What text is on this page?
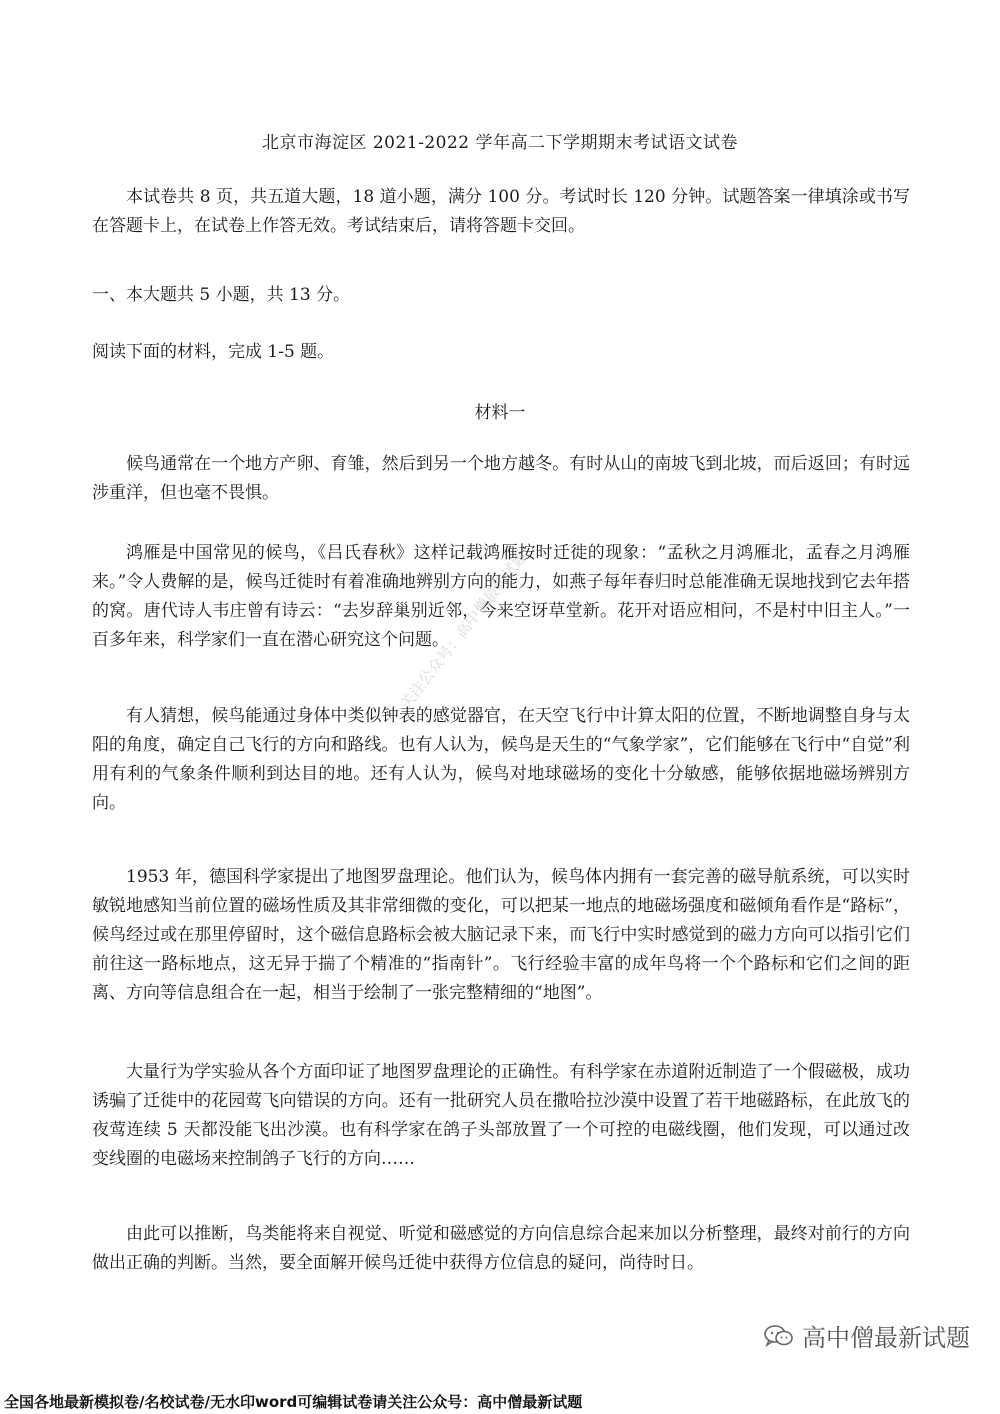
北京市海淀区 2021-2022 学年高二下学期期末考试语文试卷
本试卷共 8 页，共五道大题，18 道小题，满分 100 分。考试时长 120 分钟。试题答案一律填涂或书写在答题卡上，在试卷上作答无效。考试结束后，请将答题卡交回。
一、本大题共 5 小题，共 13 分。
阅读下面的材料，完成 1-5 题。
材料一
候鸟通常在一个地方产卵、育雏，然后到另一个地方越冬。有时从山的南坡飞到北坡，而后返回；有时远涉重洋，但也毫不畏惧。
鸿雁是中国常见的候鸟，《吕氏春秋》这样记载鸿雁按时迁徙的现象：“孟秋之月鸿雁北，孟春之月鸿雁来。”令人费解的是，候鸟迁徙时有着准确地辨别方向的能力，如燕子每年春归时总能准确无误地找到它去年搭的窝。唐代诗人韦庄曾有诗云：“去岁辞巢别近邻，今来空讶草堂新。花开对语应相问，不是村中旧主人。”一百多年来，科学家们一直在潜心研究这个问题。
有人猜想，候鸟能通过身体中类似钟表的感觉器官，在天空飞行中计算太阳的位置，不断地调整自身与太阳的角度，确定自己飞行的方向和路线。也有人认为，候鸟是天生的“气象学家”，它们能够在飞行中“自觉”利用有利的气象条件顺利到达目的地。还有人认为，候鸟对地球磁场的变化十分敏感，能够依据地磁场辨别方向。
1953 年，德国科学家提出了地图罗盘理论。他们认为，候鸟体内拥有一套完善的磁导航系统，可以实时敏锐地感知当前位置的磁场性质及其非常细微的变化，可以把某一地点的地磁场强度和磁倾角看作是“路标”，候鸟经过或在那里停留时，这个磁信息路标会被大脑记录下来，而飞行中实时感觉到的磁力方向可以指引它们前往这一路标地点，这无异于揣了个精准的“指南针”。飞行经验丰富的成年鸟将一个个路标和它们之间的距离、方向等信息组合在一起，相当于绘制了一张完整精细的“地图”。
大量行为学实验从各个方面印证了地图罗盘理论的正确性。有科学家在赤道附近制造了一个假磁极，成功诱骗了迁徙中的花园莺飞向错误的方向。还有一批研究人员在撒哈拉沙漠中设置了若干地磁路标，在此放飞的夜莺连续 5 天都没能飞出沙漠。也有科学家在鸽子头部放置了一个可控的电磁线圈，他们发现，可以通过改变线圈的电磁场来控制鸽子飞行的方向……
由此可以推断，鸟类能将来自视觉、听觉和磁感觉的方向信息综合起来加以分析整理，最终对前行的方向做出正确的判断。当然，要全面解开候鸟迁徙中获得方位信息的疑问，尚待时日。
关注公众号：高中僧最新试题
高中僧最新试题
全国各地最新模拟卷/名校试卷/无水印word可编辑试卷请关注公众号：高中僧最新试题
